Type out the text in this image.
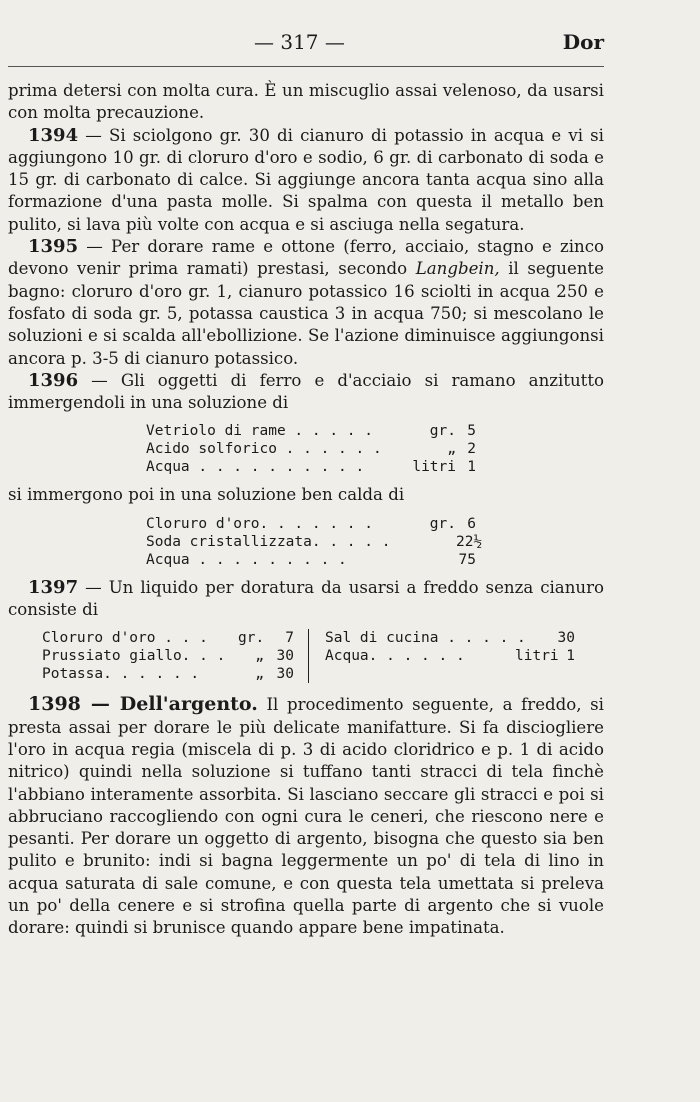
— 317 —	Dor

prima detersi con molta cura. È un miscuglio assai velenoso, da usarsi con molta precauzione.

1394 — Si sciolgono gr. 30 di cianuro di potassio in acqua e vi si aggiungono 10 gr. di cloruro d'oro e sodio, 6 gr. di carbonato di soda e 15 gr. di carbonato di calce. Si aggiunge ancora tanta acqua sino alla formazione d'una pasta molle. Si spalma con questa il metallo ben pulito, si lava più volte con acqua e si asciuga nella segatura.

1395 — Per dorare rame e ottone (ferro, acciaio, stagno e zinco devono venir prima ramati) prestasi, secondo Langbein, il seguente bagno: cloruro d'oro gr. 1, cianuro potassico 16 sciolti in acqua 250 e fosfato di soda gr. 5, potassa caustica 3 in acqua 750; si mescolano le soluzioni e si scalda all'ebollizione. Se l'azione diminuisce aggiungonsi ancora p. 3-5 di cianuro potassico.

1396 — Gli oggetti di ferro e d'acciaio si ramano anzitutto immergendoli in una soluzione di

Vetriolo di rame . . . . .	gr. 5
Acido solforico . . . . . .	„ 2
Acqua . . . . . . . . . .	litri 1

si immergono poi in una soluzione ben calda di

Cloruro d'oro. . . . . . .	gr. 6
Soda cristallizzata. . . . .	22½
Acqua . . . . . . . . .	75

1397 — Un liquido per doratura da usarsi a freddo senza cianuro consiste di

Cloruro d'oro . . .	gr.	7
Prussiato giallo. . .	„ 30
Potassa. . . . . .	„ 30
Sal di cucina . . . . . 30
Acqua. . . . . .	litri 1

1398 — Dell'argento. Il procedimento seguente, a freddo, si presta assai per dorare le più delicate manifatture. Si fa disciogliere l'oro in acqua regia (miscela di p. 3 di acido cloridrico e p. 1 di acido nitrico) quindi nella soluzione si tuffano tanti stracci di tela finchè l'abbiano interamente assorbita. Si lasciano seccare gli stracci e poi si abbruciano raccogliendo con ogni cura le ceneri, che riescono nere e pesanti. Per dorare un oggetto di argento, bisogna che questo sia ben pulito e brunito: indi si bagna leggermente un po' di tela di lino in acqua saturata di sale comune, e con questa tela umettata si preleva un po' della cenere e si strofina quella parte di argento che si vuole dorare: quindi si brunisce quando appare bene impatinata.
